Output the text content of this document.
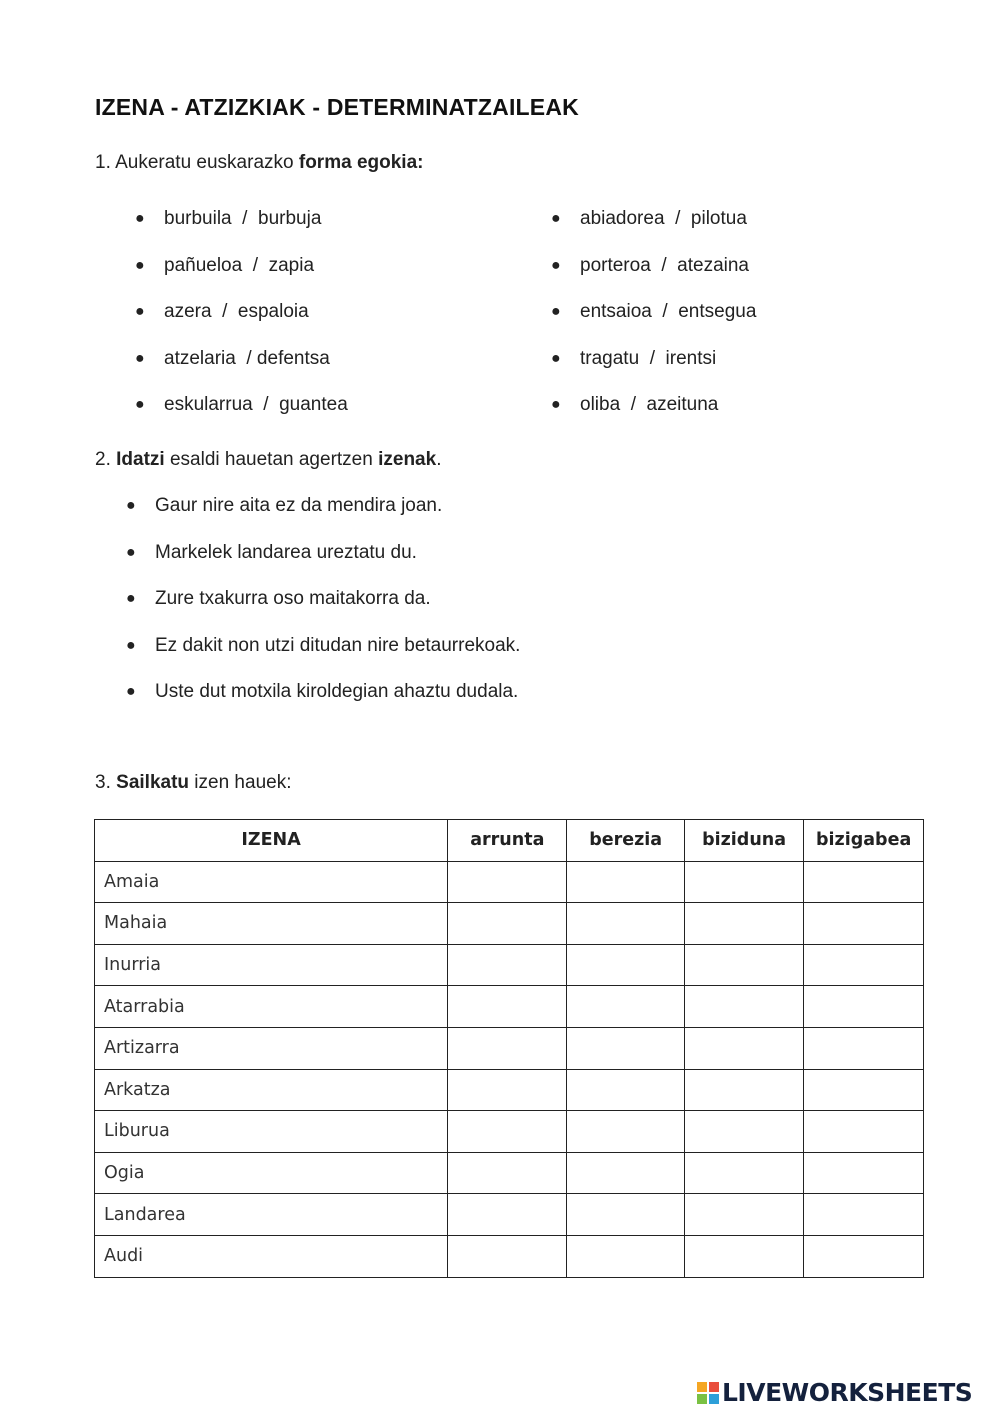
IZENA - ATZIZKIAK - DETERMINATZAILEAK
1. Aukeratu euskarazko forma egokia:
●	burbuila  /  burbuja
●	pañueloa  /  zapia
●	azera  /  espaloia
●	atzelaria  / defentsa
●	eskularrua  /  guantea
●	abiadorea  /  pilotua
●	porteroa  /  atezaina
●	entsaioa  /  entsegua
●	tragatu  /  irentsi
●	oliba  /  azeituna
2. Idatzi esaldi hauetan agertzen izenak.
●	Gaur nire aita ez da mendira joan.
●	Markelek landarea ureztatu du.
●	Zure txakurra oso maitakorra da.
●	Ez dakit non utzi ditudan nire betaurrekoak.
●	Uste dut motxila kiroldegian ahaztu dudala.
3. Sailkatu izen hauek:
IZENA	arrunta	berezia	biziduna	bizigabea
Amaia				
Mahaia				
Inurria				
Atarrabia				
Artizarra				
Arkatza				
Liburua				
Ogia				
Landarea				
Audi				
LIVEWORKSHEETS
